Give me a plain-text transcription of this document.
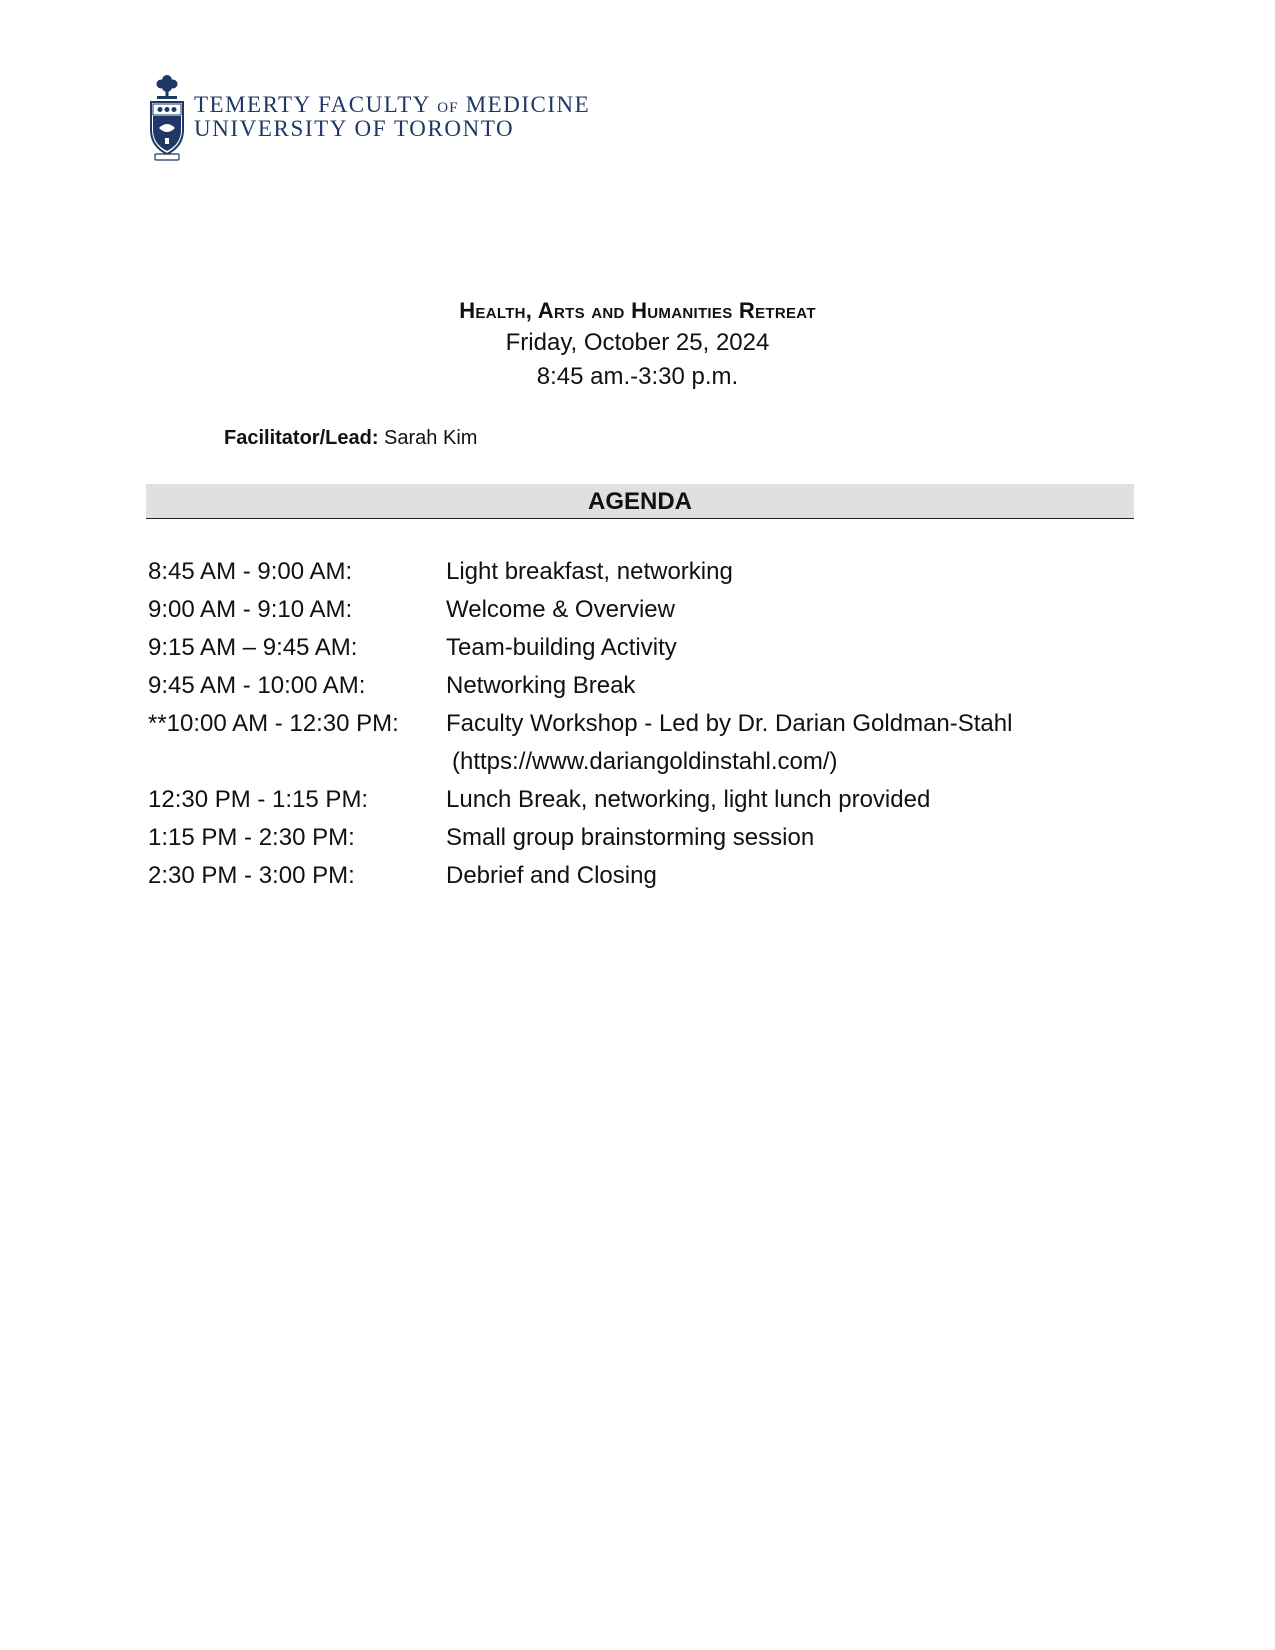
TEMERTY FACULTY OF MEDICINE
UNIVERSITY OF TORONTO

Health, Arts and Humanities Retreat

Friday, October 25, 2024

8:45 am.-3:30 p.m.

Facilitator/Lead: Sarah Kim
AGENDA
8:45 AM - 9:00 AM:	Light breakfast, networking
9:00 AM - 9:10 AM:	Welcome & Overview
9:15 AM – 9:45 AM:	Team-building Activity
9:45 AM - 10:00 AM:	Networking Break
**10:00 AM - 12:30 PM:	Faculty Workshop - Led by Dr. Darian Goldman-Stahl
(https://www.dariangoldinstahl.com/)
12:30 PM - 1:15 PM:	Lunch Break, networking, light lunch provided
1:15 PM - 2:30 PM:	Small group brainstorming session
2:30 PM - 3:00 PM:	Debrief and Closing
